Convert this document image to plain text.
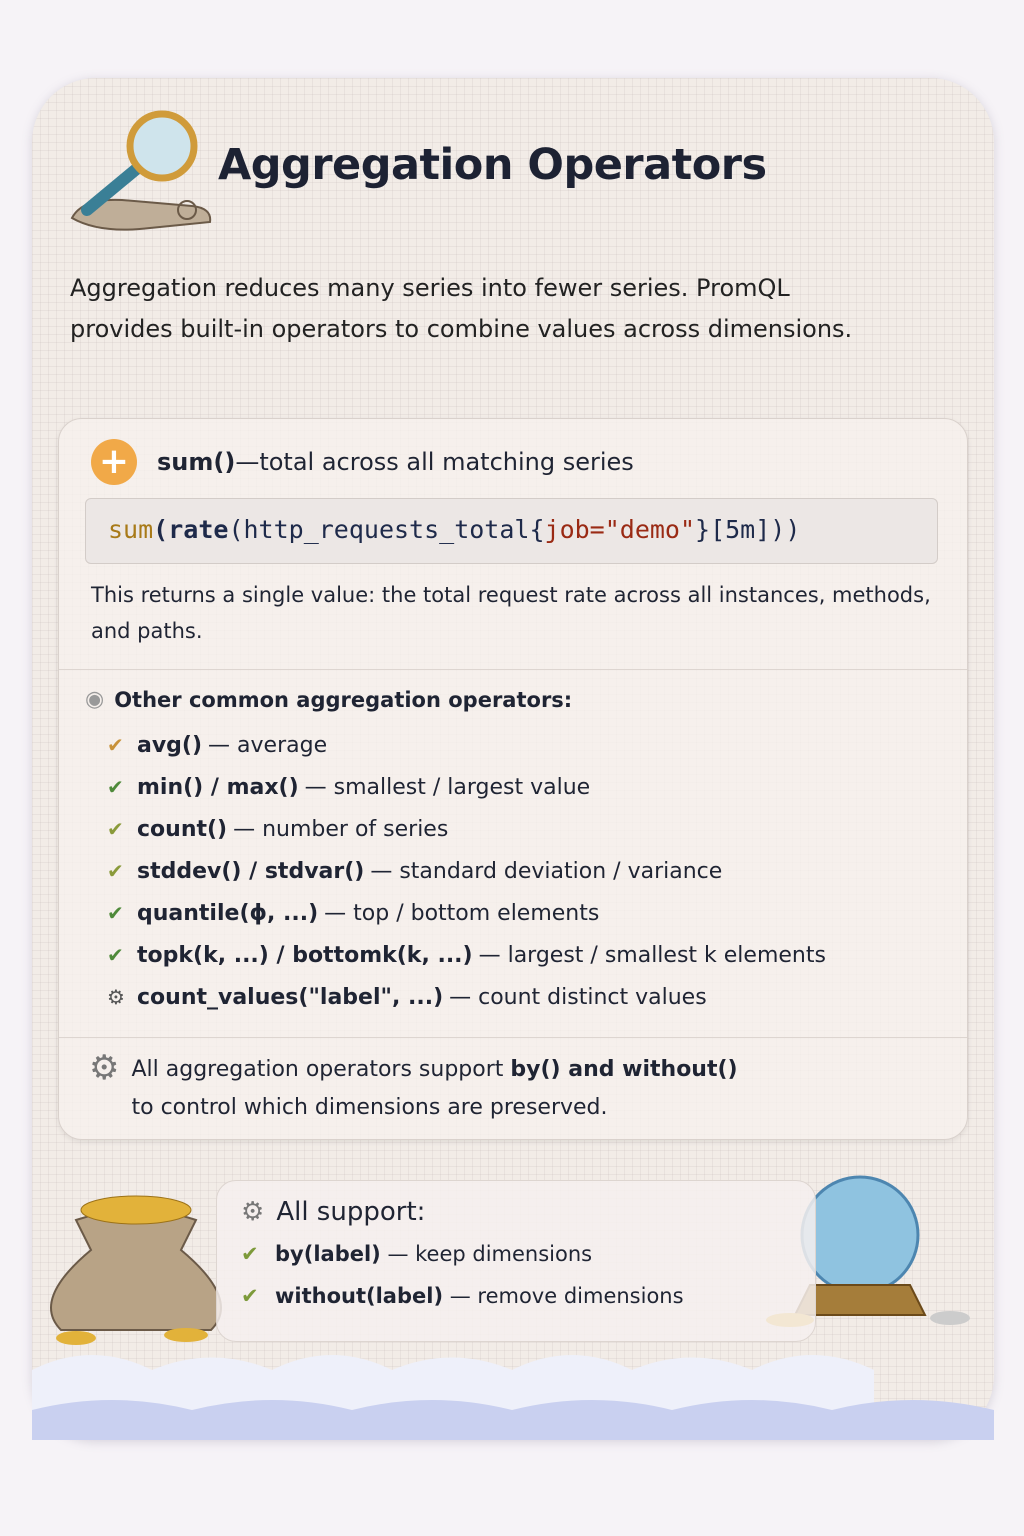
Aggregation Operators
Aggregation reduces many series into fewer series. PromQL provides built-in operators to combine values across dimensions.
+	sum() — total across all matching series
sum(rate(http_requests_total{job="demo"}[5m]))
This returns a single value: the total request rate across all instances, methods, and paths.
◉ Other common aggregation operators:
✔ avg() — average
✔ min() / max() — smallest / largest value
✔ count() — number of series
✔ stddev() / stdvar() — standard deviation / variance
✔ quantile(ϕ, ...) — top / bottom elements
✔ topk(k, ...) / bottomk(k, ...) — largest / smallest k elements
⚙ count_values("label", ...) — count distinct values
⚙ All aggregation operators support by() and without()
to control which dimensions are preserved.
⚙ All support:
✔ by(label)
— keep dimensions
✔ without(label)
— remove dimensions
